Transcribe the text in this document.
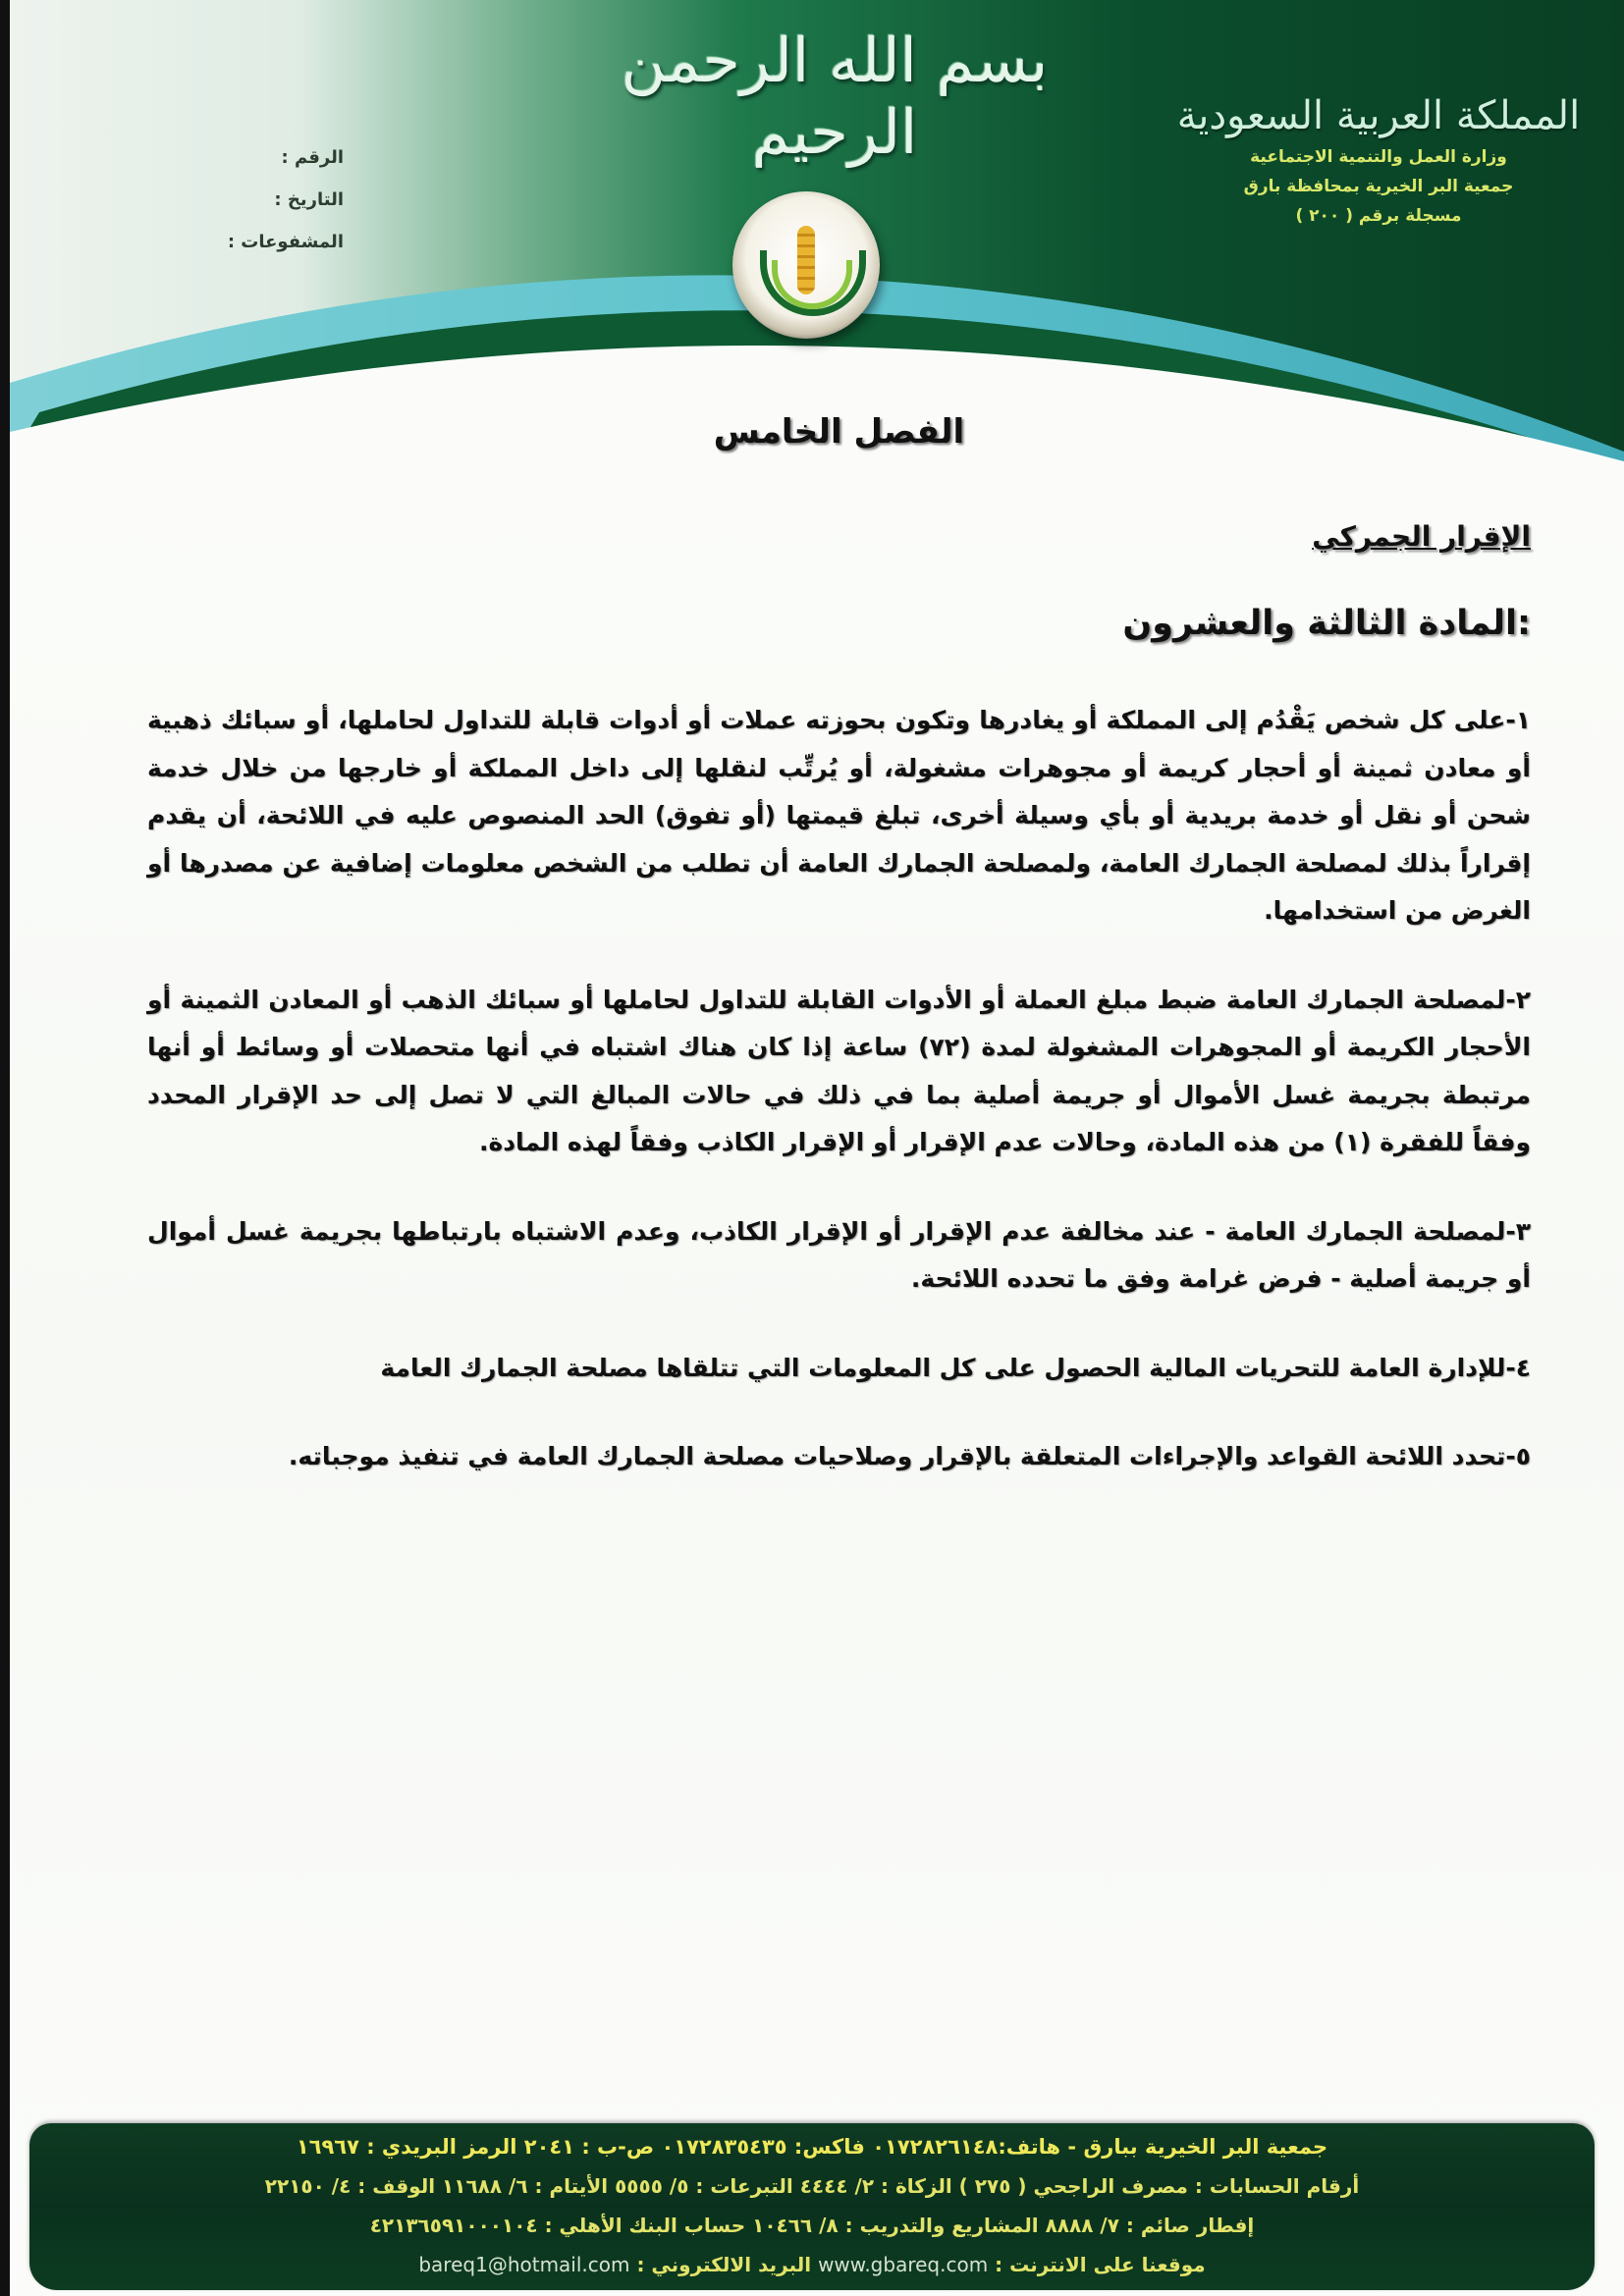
بسم الله الرحمن الرحيم	المملكة العربية السعودية
وزارة العمل والتنمية الاجتماعية
جمعية البر الخيرية بمحافظة بارق
مسجلة برقم ( ٢٠٠ )
الرقم :
التاريخ :
المشفوعات :
الفصل الخامس
الإقرار الجمركي
:المادة الثالثة والعشرون

١-على كل شخص يَقْدُم إلى المملكة أو يغادرها وتكون بحوزته عملات أو أدوات قابلة للتداول لحاملها، أو سبائك ذهبية أو معادن ثمينة أو أحجار كريمة أو مجوهرات مشغولة، أو يُرتِّب لنقلها إلى داخل المملكة أو خارجها من خلال خدمة شحن أو نقل أو خدمة بريدية أو بأي وسيلة أخرى، تبلغ قيمتها (أو تفوق) الحد المنصوص عليه في اللائحة، أن يقدم إقراراً بذلك لمصلحة الجمارك العامة، ولمصلحة الجمارك العامة أن تطلب من الشخص معلومات إضافية عن مصدرها أو الغرض من استخدامها.

٢-لمصلحة الجمارك العامة ضبط مبلغ العملة أو الأدوات القابلة للتداول لحاملها أو سبائك الذهب أو المعادن الثمينة أو الأحجار الكريمة أو المجوهرات المشغولة لمدة (٧٢) ساعة إذا كان هناك اشتباه في أنها متحصلات أو وسائط أو أنها مرتبطة بجريمة غسل الأموال أو جريمة أصلية بما في ذلك في حالات المبالغ التي لا تصل إلى حد الإقرار المحدد وفقاً للفقرة (١) من هذه المادة، وحالات عدم الإقرار أو الإقرار الكاذب وفقاً لهذه المادة.

٣-لمصلحة الجمارك العامة - عند مخالفة عدم الإقرار أو الإقرار الكاذب، وعدم الاشتباه بارتباطها بجريمة غسل أموال أو جريمة أصلية - فرض غرامة وفق ما تحدده اللائحة.

٤-للإدارة العامة للتحريات المالية الحصول على كل المعلومات التي تتلقاها مصلحة الجمارك العامة

٥-تحدد اللائحة القواعد والإجراءات المتعلقة بالإقرار وصلاحيات مصلحة الجمارك العامة في تنفيذ موجباته.

جمعية البر الخيرية ببارق - هاتف:٠١٧٢٨٢٦١٤٨ فاكس: ٠١٧٢٨٣٥٤٣٥ ص-ب : ٢٠٤١ الرمز البريدي : ١٦٩٦٧
أرقام الحسابات : مصرف الراجحي ( ٢٧٥ ) الزكاة : ٢/ ٤٤٤٤ التبرعات : ٥/ ٥٥٥٥ الأيتام : ٦/ ١١٦٨٨ الوقف : ٤/ ٢٢١٥٠
إفطار صائم : ٧/ ٨٨٨٨ المشاريع والتدريب : ٨/ ١٠٤٦٦ حساب البنك الأهلي : ٤٢١٣٦٥٩١٠٠٠١٠٤
موقعنا على الانترنت : www.gbareq.com البريد الالكتروني : bareq1@hotmail.com
